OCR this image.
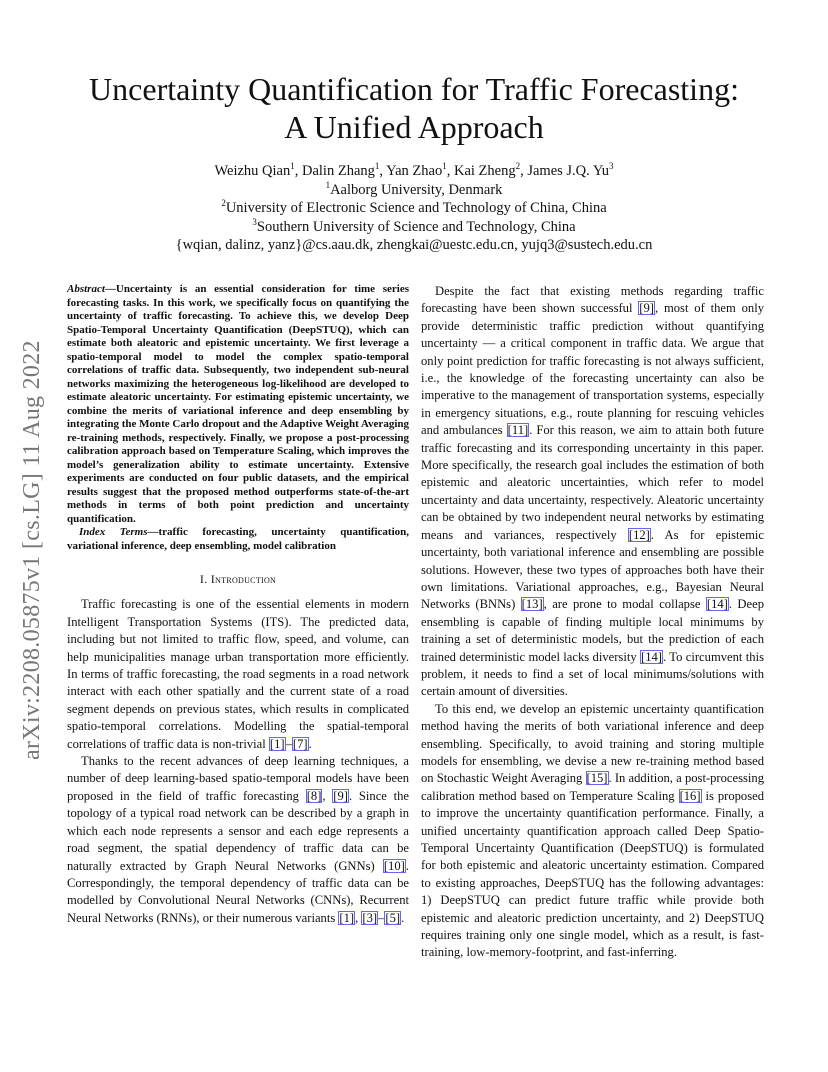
arXiv:2208.05875v1 [cs.LG] 11 Aug 2022
Uncertainty Quantification for Traffic Forecasting:
A Unified Approach
Weizhu Qian$^1$, Dalin Zhang$^1$, Yan Zhao$^1$, Kai Zheng$^2$, James J.Q. Yu$^3$
$^1$Aalborg University, Denmark
$^2$University of Electronic Science and Technology of China, China
$^3$Southern University of Science and Technology, China
{wqian, dalinz, yanz}@cs.aau.dk, zhengkai@uestc.edu.cn, yujq3@sustech.edu.cn
Abstract—Uncertainty is an essential consideration for time series forecasting tasks. In this work, we specifically focus on quantifying the uncertainty of traffic forecasting. To achieve this, we develop Deep Spatio-Temporal Uncertainty Quantification (DeepSTUQ), which can estimate both aleatoric and epistemic uncertainty. We first leverage a spatio-temporal model to model the complex spatio-temporal correlations of traffic data. Subsequently, two independent sub-neural networks maximizing the heterogeneous log-likelihood are developed to estimate aleatoric uncertainty. For estimating epistemic uncertainty, we combine the merits of variational inference and deep ensembling by integrating the Monte Carlo dropout and the Adaptive Weight Averaging re-training methods, respectively. Finally, we propose a post-processing calibration approach based on Temperature Scaling, which improves the model’s generalization ability to estimate uncertainty. Extensive experiments are conducted on four public datasets, and the empirical results suggest that the proposed method outperforms state-of-the-art methods in terms of both point prediction and uncertainty quantification.
Index Terms—traffic forecasting, uncertainty quantification, variational inference, deep ensembling, model calibration
I. Introduction

Traffic forecasting is one of the essential elements in modern Intelligent Transportation Systems (ITS). The predicted data, including but not limited to traffic flow, speed, and volume, can help municipalities manage urban transportation more efficiently. In terms of traffic forecasting, the road segments in a road network interact with each other spatially and the current state of a road segment depends on previous states, which results in complicated spatio-temporal correlations. Modelling the spatial-temporal correlations of traffic data is non-trivial [1]–[7].

Thanks to the recent advances of deep learning techniques, a number of deep learning-based spatio-temporal models have been proposed in the field of traffic forecasting [8], [9]. Since the topology of a typical road network can be described by a graph in which each node represents a sensor and each edge represents a road segment, the spatial dependency of traffic data can be naturally extracted by Graph Neural Networks (GNNs) [10]. Correspondingly, the temporal dependency of traffic data can be modelled by Convolutional Neural Networks (CNNs), Recurrent Neural Networks (RNNs), or their numerous variants [1], [3]–[5].

Despite the fact that existing methods regarding traffic forecasting have been shown successful [9], most of them only provide deterministic traffic prediction without quantifying uncertainty — a critical component in traffic data. We argue that only point prediction for traffic forecasting is not always sufficient, i.e., the knowledge of the forecasting uncertainty can also be imperative to the management of transportation systems, especially in emergency situations, e.g., route planning for rescuing vehicles and ambulances [11]. For this reason, we aim to attain both future traffic forecasting and its corresponding uncertainty in this paper. More specifically, the research goal includes the estimation of both epistemic and aleatoric uncertainties, which refer to model uncertainty and data uncertainty, respectively. Aleatoric uncertainty can be obtained by two independent neural networks by estimating means and variances, respectively [12]. As for epistemic uncertainty, both variational inference and ensembling are possible solutions. However, these two types of approaches both have their own limitations. Variational approaches, e.g., Bayesian Neural Networks (BNNs) [13], are prone to modal collapse [14]. Deep ensembling is capable of finding multiple local minimums by training a set of deterministic models, but the prediction of each trained deterministic model lacks diversity [14]. To circumvent this problem, it needs to find a set of local minimums/solutions with certain amount of diversities.

To this end, we develop an epistemic uncertainty quantification method having the merits of both variational inference and deep ensembling. Specifically, to avoid training and storing multiple models for ensembling, we devise a new re-training method based on Stochastic Weight Averaging [15]. In addition, a post-processing calibration method based on Temperature Scaling [16] is proposed to improve the uncertainty quantification performance. Finally, a unified uncertainty quantification approach called Deep Spatio-Temporal Uncertainty Quantification (DeepSTUQ) is formulated for both epistemic and aleatoric uncertainty estimation. Compared to existing approaches, DeepSTUQ has the following advantages: 1) DeepSTUQ can predict future traffic while provide both epistemic and aleatoric prediction uncertainty, and 2) DeepSTUQ requires training only one single model, which as a result, is fast-training, low-memory-footprint, and fast-inferring.
